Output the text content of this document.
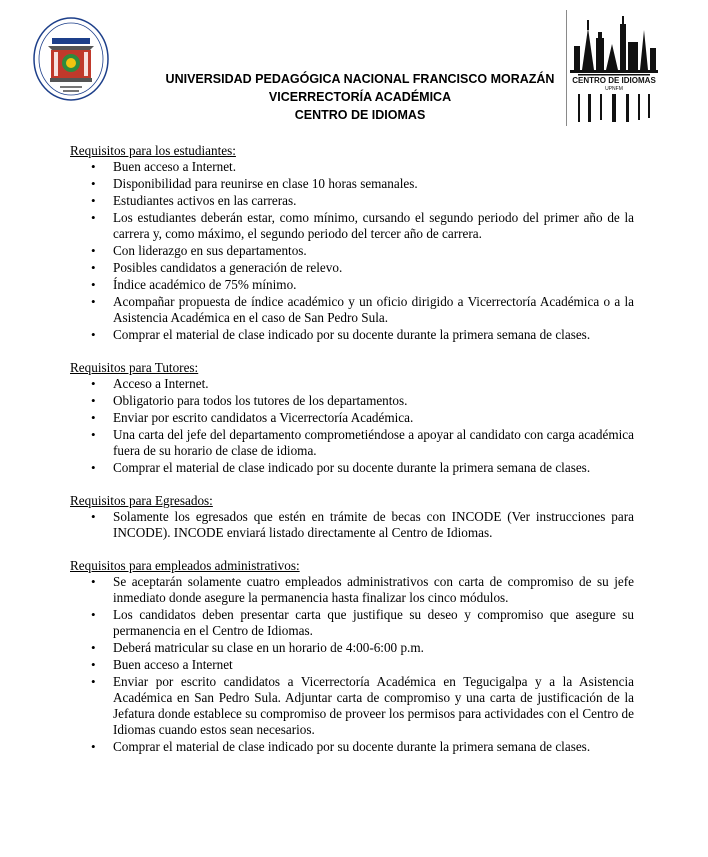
UNIVERSIDAD PEDAGÓGICA NACIONAL FRANCISCO MORAZÁN
VICERRECTORÍA ACADÉMICA
CENTRO DE IDIOMAS
CENTRO DE IDIOMAS
UPNFM

Requisitos para los estudiantes:

• Buen acceso a Internet.
• Disponibilidad para reunirse en clase 10 horas semanales.
• Estudiantes activos en las carreras.
• Los estudiantes deberán estar, como mínimo, cursando el segundo periodo del primer año de la carrera y, como máximo, el segundo periodo del tercer año de carrera.
• Con liderazgo en sus departamentos.
• Posibles candidatos a generación de relevo.
• Índice académico de 75% mínimo.
• Acompañar propuesta de índice académico y un oficio dirigido a Vicerrectoría Académica o a la Asistencia Académica en el caso de San Pedro Sula.
• Comprar el material de clase indicado por su docente durante la primera semana de clases.

Requisitos para Tutores:

• Acceso a Internet.
• Obligatorio para todos los tutores de los departamentos.
• Enviar por escrito candidatos a Vicerrectoría Académica.
• Una carta del jefe del departamento comprometiéndose a apoyar al candidato con carga académica fuera de su horario de clase de idioma.
• Comprar el material de clase indicado por su docente durante la primera semana de clases.

Requisitos para Egresados:

• Solamente los egresados que estén en trámite de becas con INCODE (Ver instrucciones para INCODE). INCODE enviará listado directamente al Centro de Idiomas.

Requisitos para empleados administrativos:

• Se aceptarán solamente cuatro empleados administrativos con carta de compromiso de su jefe inmediato donde asegure la permanencia hasta finalizar los cinco módulos.
• Los candidatos deben presentar carta que justifique su deseo y compromiso que asegure su permanencia en el Centro de Idiomas.
• Deberá matricular su clase en un horario de 4:00-6:00 p.m.
• Buen acceso a Internet
• Enviar por escrito candidatos a Vicerrectoría Académica en Tegucigalpa y a la Asistencia Académica en San Pedro Sula. Adjuntar carta de compromiso y una carta de justificación de la Jefatura donde establece su compromiso de proveer los permisos para actividades con el Centro de Idiomas cuando estos sean necesarios.
• Comprar el material de clase indicado por su docente durante la primera semana de clases.
